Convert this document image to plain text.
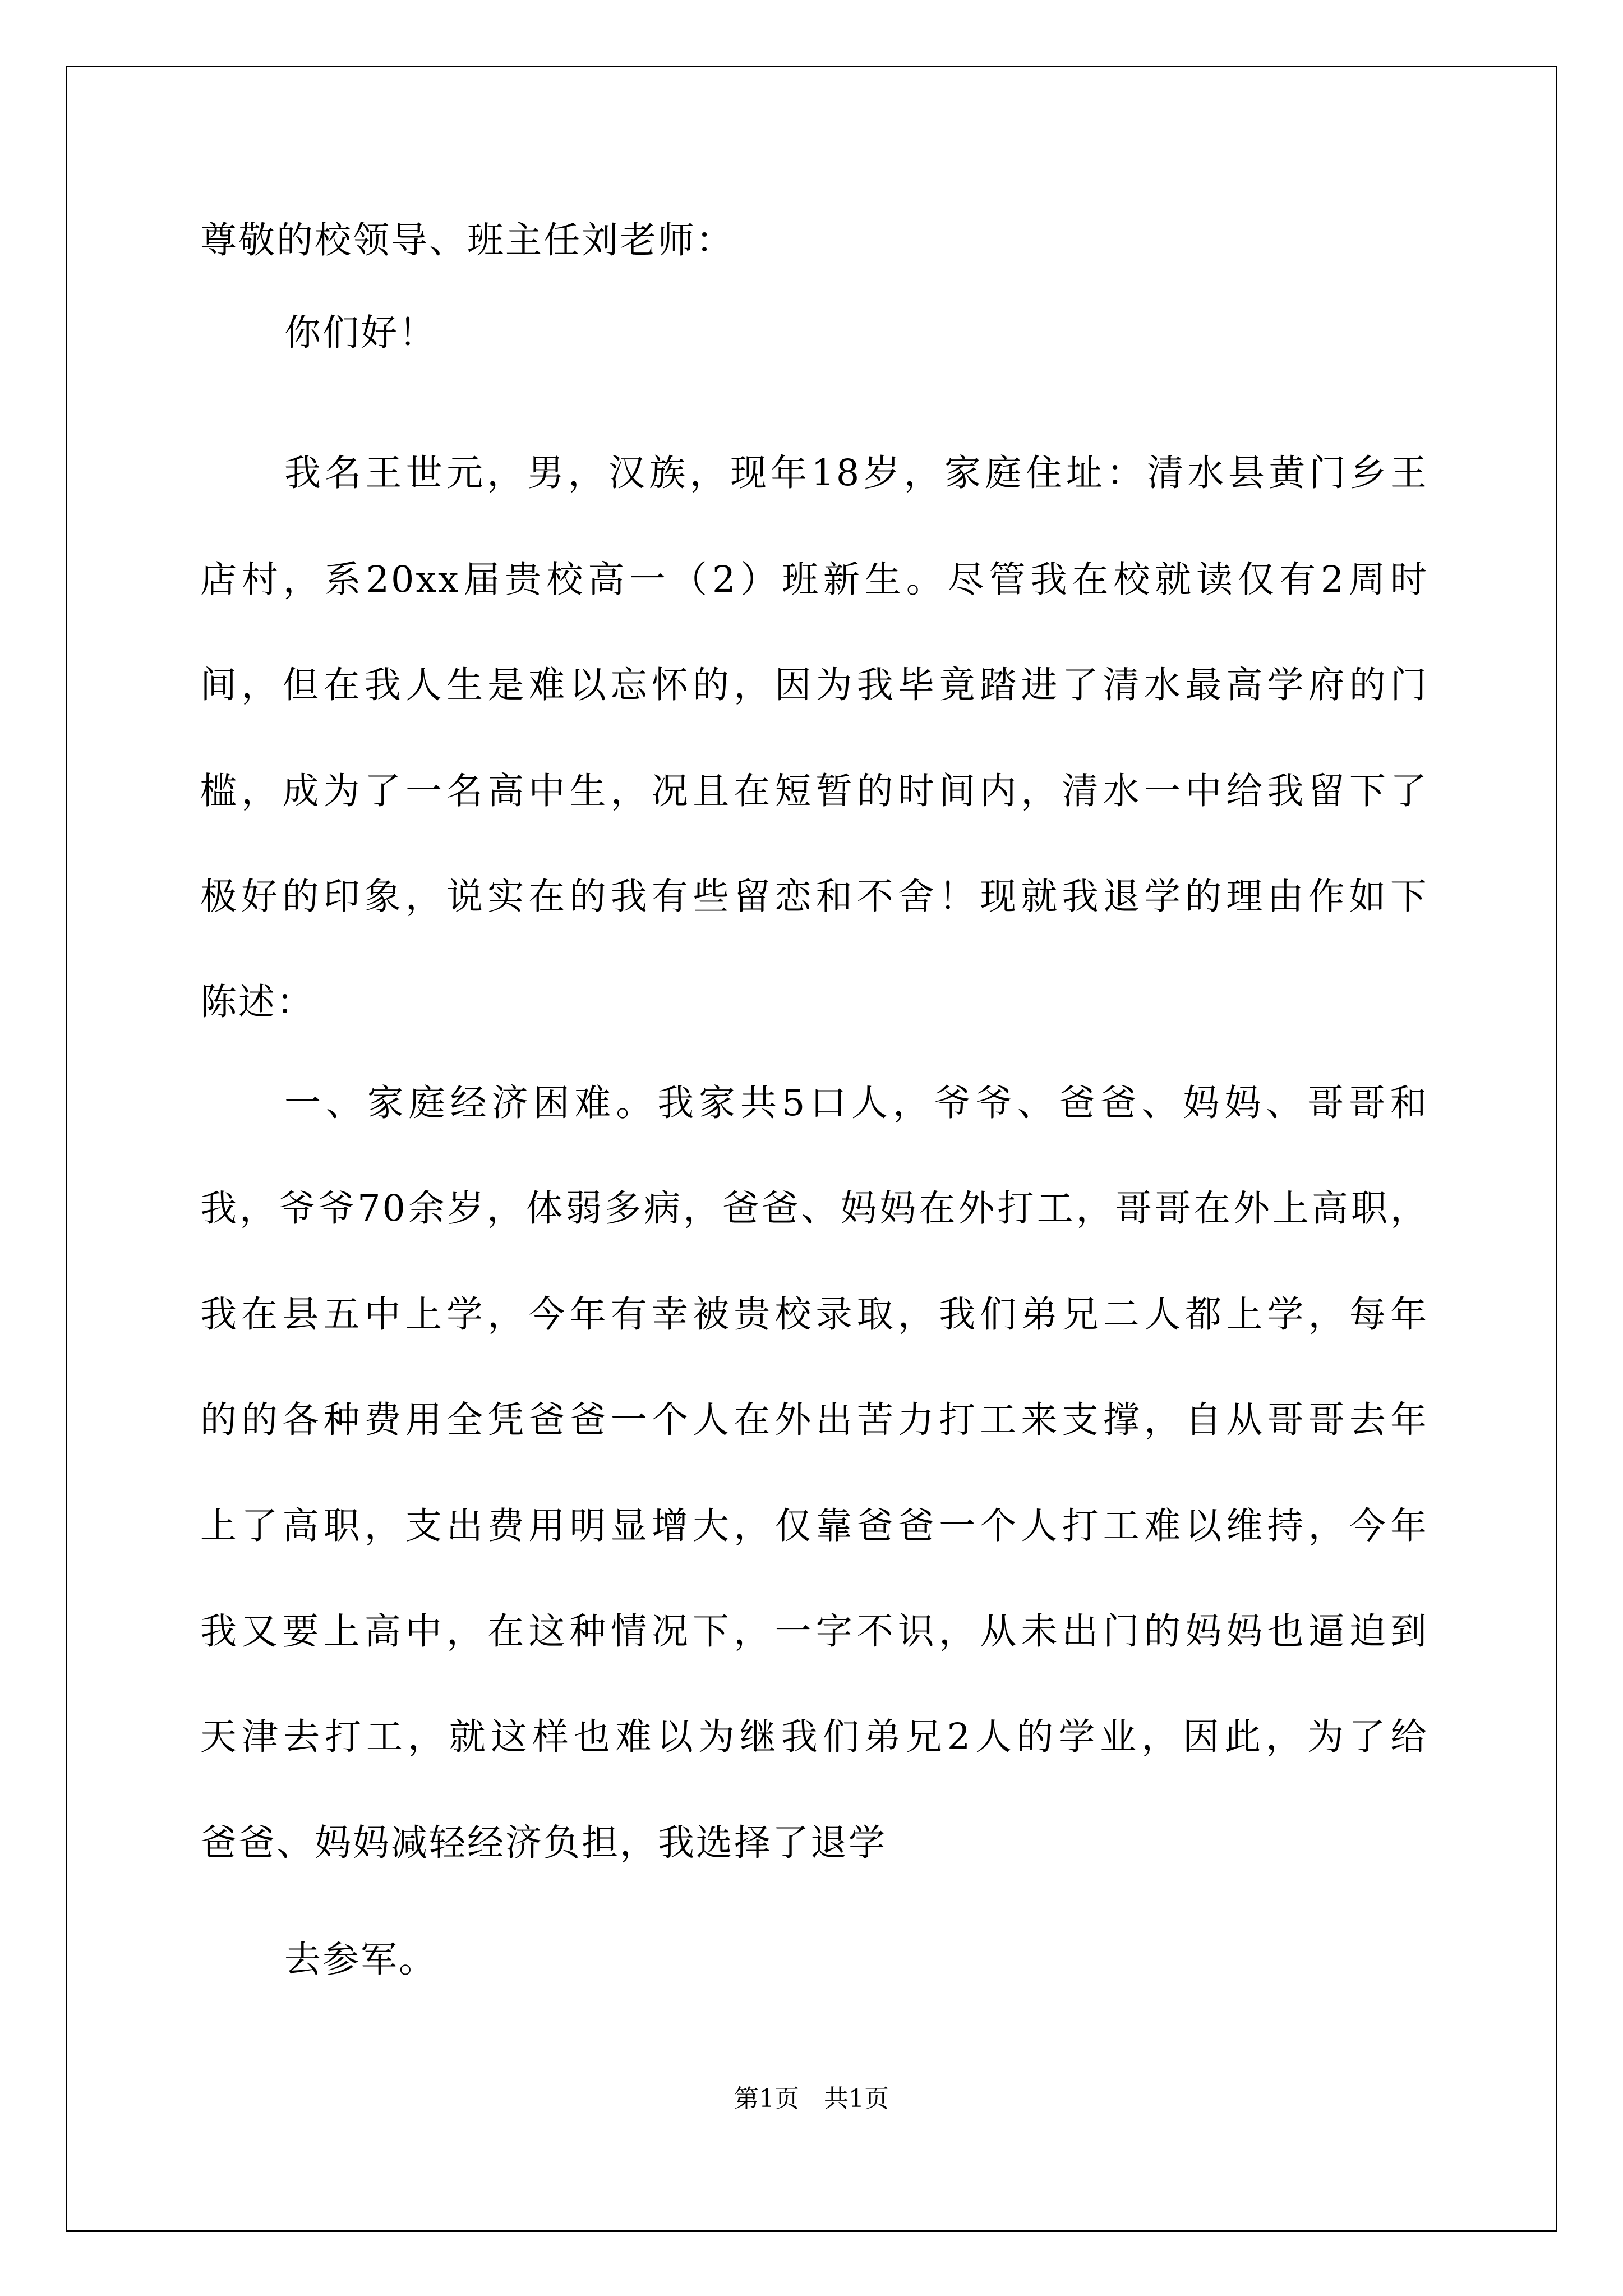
尊敬的校领导、班主任刘老师：
你们好！
我名王世元，男，汉族，现年18岁，家庭住址：清水县黄门乡王
店村，系20xx届贵校高一（2）班新生。尽管我在校就读仅有2周时
间，但在我人生是难以忘怀的，因为我毕竟踏进了清水最高学府的门
槛，成为了一名高中生，况且在短暂的时间内，清水一中给我留下了
极好的印象，说实在的我有些留恋和不舍！现就我退学的理由作如下
陈述：
一、家庭经济困难。我家共5口人，爷爷、爸爸、妈妈、哥哥和
我，爷爷70余岁，体弱多病，爸爸、妈妈在外打工，哥哥在外上高职，
我在县五中上学，今年有幸被贵校录取，我们弟兄二人都上学，每年
的的各种费用全凭爸爸一个人在外出苦力打工来支撑，自从哥哥去年
上了高职，支出费用明显增大，仅靠爸爸一个人打工难以维持，今年
我又要上高中，在这种情况下，一字不识，从未出门的妈妈也逼迫到
天津去打工，就这样也难以为继我们弟兄2人的学业，因此，为了给
爸爸、妈妈减轻经济负担，我选择了退学
去参军。
第1页　共1页
